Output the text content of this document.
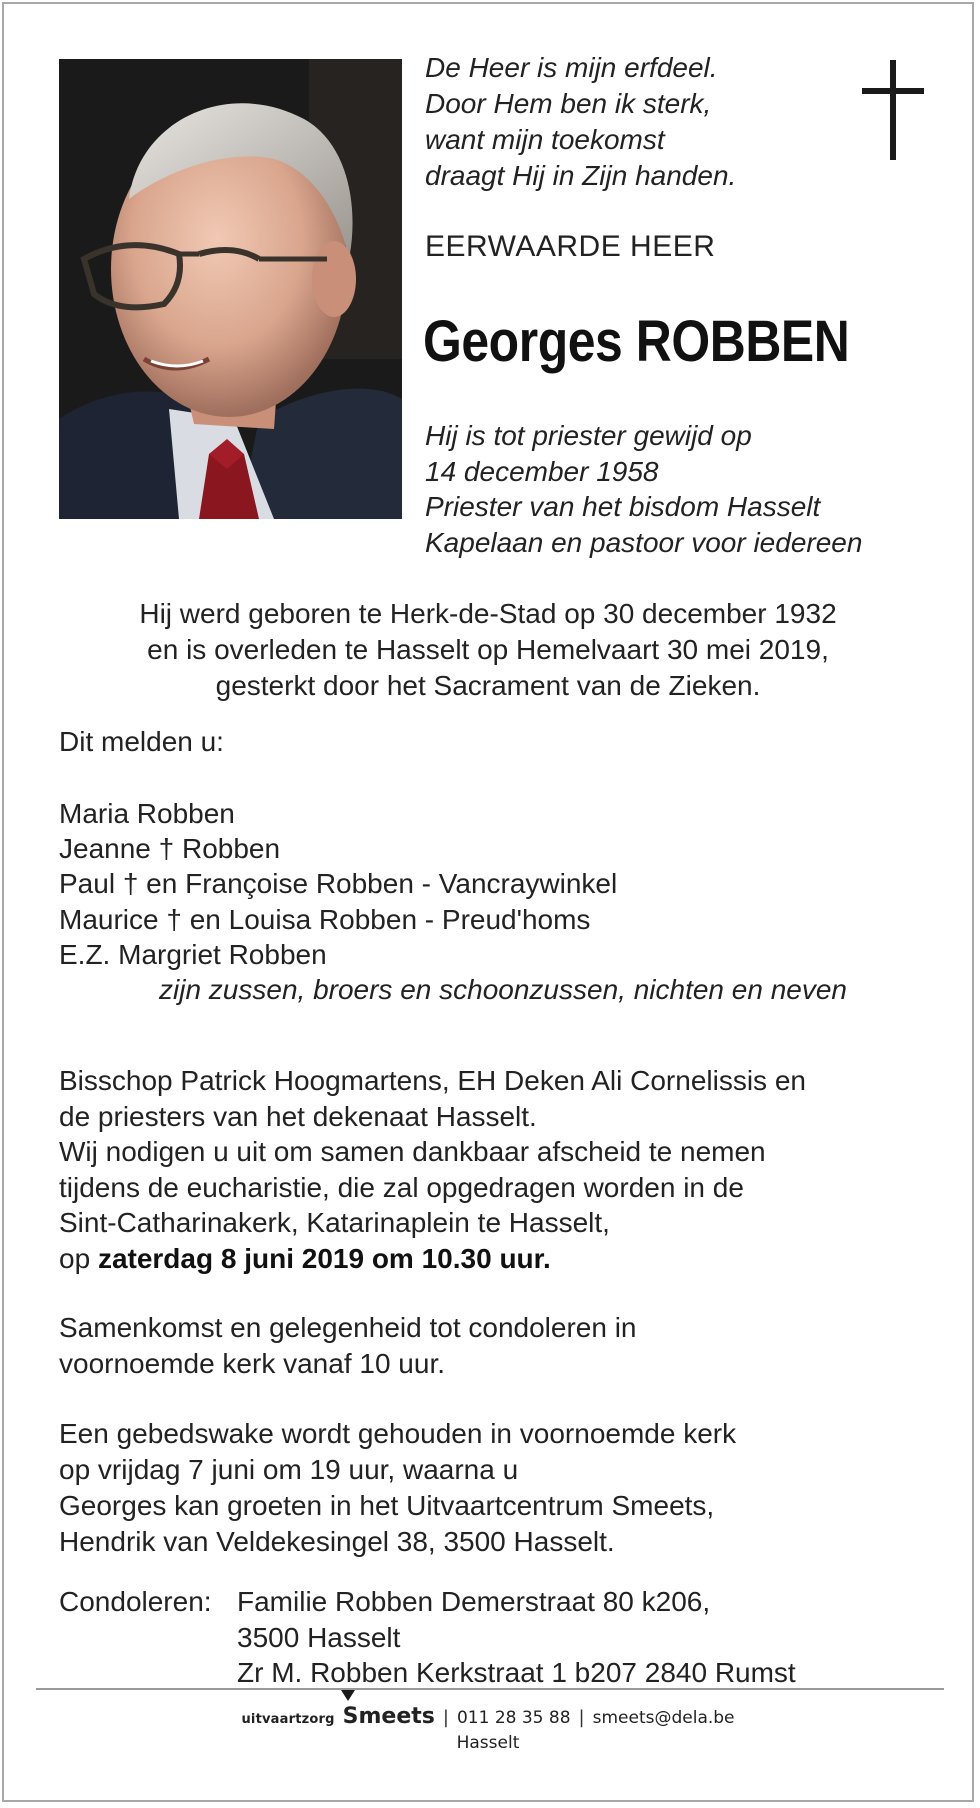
De Heer is mijn erfdeel.
Door Hem ben ik sterk,
want mijn toekomst
draagt Hij in Zijn handen.
EERWAARDE HEER
Georges ROBBEN
Hij is tot priester gewijd op
14 december 1958
Priester van het bisdom Hasselt
Kapelaan en pastoor voor iedereen
Hij werd geboren te Herk-de-Stad op 30 december 1932
en is overleden te Hasselt op Hemelvaart 30 mei 2019,
gesterkt door het Sacrament van de Zieken.
Dit melden u:
Maria Robben
Jeanne † Robben
Paul † en Françoise Robben - Vancraywinkel
Maurice † en Louisa Robben - Preud'homs
E.Z. Margriet Robben
zijn zussen, broers en schoonzussen, nichten en neven
Bisschop Patrick Hoogmartens, EH Deken Ali Cornelissis en
de priesters van het dekenaat Hasselt.
Wij nodigen u uit om samen dankbaar afscheid te nemen
tijdens de eucharistie, die zal opgedragen worden in de
Sint-Catharinakerk, Katarinaplein te Hasselt,
op zaterdag 8 juni 2019 om 10.30 uur.
Samenkomst en gelegenheid tot condoleren in
voornoemde kerk vanaf 10 uur.
Een gebedswake wordt gehouden in voornoemde kerk
op vrijdag 7 juni om 19 uur, waarna u
Georges kan groeten in het Uitvaartcentrum Smeets,
Hendrik van Veldekesingel 38, 3500 Hasselt.
Condoleren: Familie Robben Demerstraat 80 k206,
3500 Hasselt
Zr M. Robben Kerkstraat 1 b207 2840 Rumst
uitvaartzorg Smeets | 011 28 35 88 | smeets@dela.be
Hasselt
